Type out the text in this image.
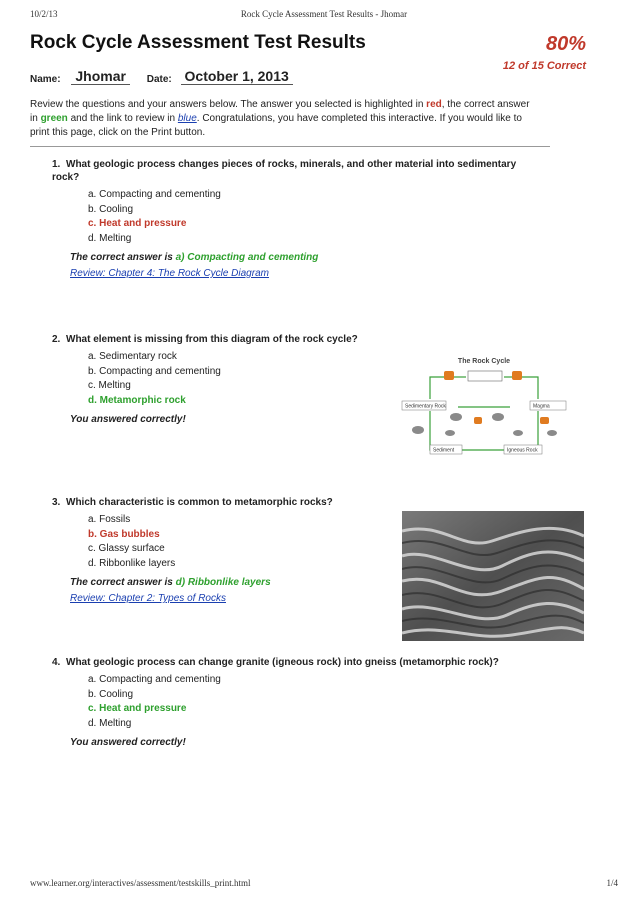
10/2/13	Rock Cycle Assessment Test Results - Jhomar
Rock Cycle Assessment Test Results	80%
12 of 15 Correct
Name: Jhomar Date: October 1, 2013
Review the questions and your answers below. The answer you selected is highlighted in red, the correct answer in green and the link to review in blue. Congratulations, you have completed this interactive. If you would like to print this page, click on the Print button.
1. What geologic process changes pieces of rocks, minerals, and other material into sedimentary rock?
a. Compacting and cementing
b. Cooling
c. Heat and pressure
d. Melting
The correct answer is a) Compacting and cementing
Review: Chapter 4: The Rock Cycle Diagram
2. What element is missing from this diagram of the rock cycle?
a. Sedimentary rock
b. Compacting and cementing
c. Melting
d. Metamorphic rock
You answered correctly!
The Rock Cycle
Sedimentary Rock	Magma
Sediment	Igneous Rock
3. Which characteristic is common to metamorphic rocks?
a. Fossils
b. Gas bubbles
c. Glassy surface
d. Ribbonlike layers
The correct answer is d) Ribbonlike layers
Review: Chapter 2: Types of Rocks
4. What geologic process can change granite (igneous rock) into gneiss (metamorphic rock)?
a. Compacting and cementing
b. Cooling
c. Heat and pressure
d. Melting
You answered correctly!
www.learner.org/interactives/assessment/testskills_print.html	1/4
